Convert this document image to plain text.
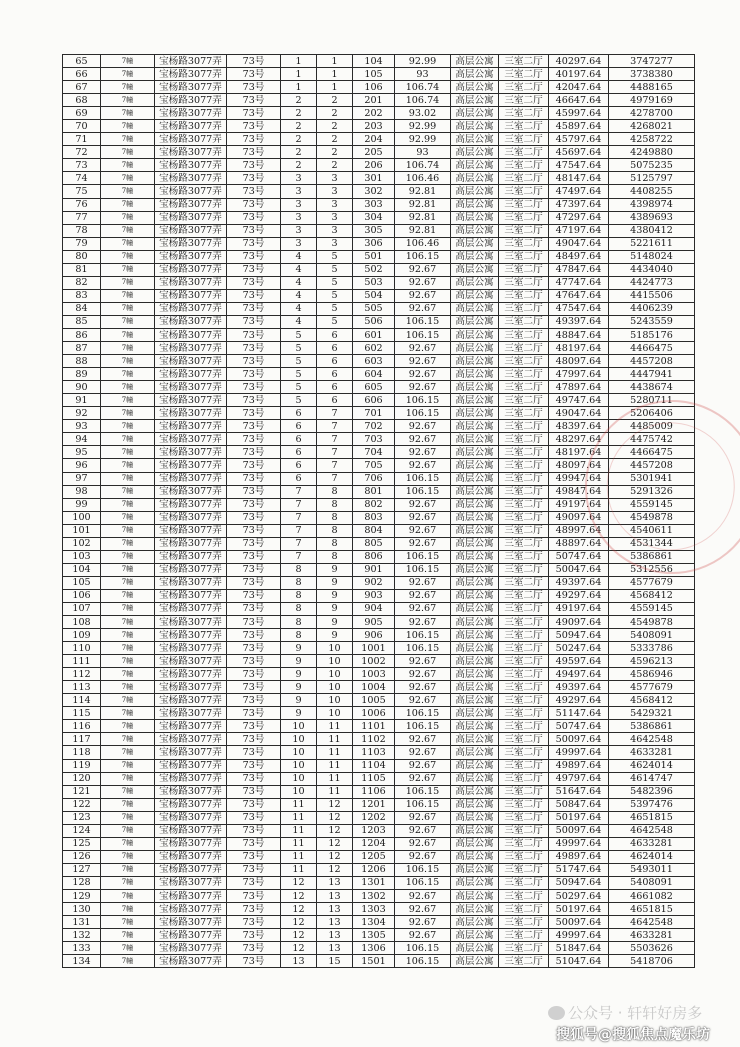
65	7幢	宝杨路3077弄	73号	1	1	104	92.99	高层公寓	三室二厅	40297.64	3747277
66	7幢	宝杨路3077弄	73号	1	1	105	93	高层公寓	三室二厅	40197.64	3738380
67	7幢	宝杨路3077弄	73号	1	1	106	106.74	高层公寓	三室二厅	42047.64	4488165
68	7幢	宝杨路3077弄	73号	2	2	201	106.74	高层公寓	三室二厅	46647.64	4979169
69	7幢	宝杨路3077弄	73号	2	2	202	93.02	高层公寓	三室二厅	45997.64	4278700
70	7幢	宝杨路3077弄	73号	2	2	203	92.99	高层公寓	三室二厅	45897.64	4268021
71	7幢	宝杨路3077弄	73号	2	2	204	92.99	高层公寓	三室二厅	45797.64	4258722
72	7幢	宝杨路3077弄	73号	2	2	205	93	高层公寓	三室二厅	45697.64	4249880
73	7幢	宝杨路3077弄	73号	2	2	206	106.74	高层公寓	三室二厅	47547.64	5075235
74	7幢	宝杨路3077弄	73号	3	3	301	106.46	高层公寓	三室二厅	48147.64	5125797
75	7幢	宝杨路3077弄	73号	3	3	302	92.81	高层公寓	三室二厅	47497.64	4408255
76	7幢	宝杨路3077弄	73号	3	3	303	92.81	高层公寓	三室二厅	47397.64	4398974
77	7幢	宝杨路3077弄	73号	3	3	304	92.81	高层公寓	三室二厅	47297.64	4389693
78	7幢	宝杨路3077弄	73号	3	3	305	92.81	高层公寓	三室二厅	47197.64	4380412
79	7幢	宝杨路3077弄	73号	3	3	306	106.46	高层公寓	三室二厅	49047.64	5221611
80	7幢	宝杨路3077弄	73号	4	5	501	106.15	高层公寓	三室二厅	48497.64	5148024
81	7幢	宝杨路3077弄	73号	4	5	502	92.67	高层公寓	三室二厅	47847.64	4434040
82	7幢	宝杨路3077弄	73号	4	5	503	92.67	高层公寓	三室二厅	47747.64	4424773
83	7幢	宝杨路3077弄	73号	4	5	504	92.67	高层公寓	三室二厅	47647.64	4415506
84	7幢	宝杨路3077弄	73号	4	5	505	92.67	高层公寓	三室二厅	47547.64	4406239
85	7幢	宝杨路3077弄	73号	4	5	506	106.15	高层公寓	三室二厅	49397.64	5243559
86	7幢	宝杨路3077弄	73号	5	6	601	106.15	高层公寓	三室二厅	48847.64	5185176
87	7幢	宝杨路3077弄	73号	5	6	602	92.67	高层公寓	三室二厅	48197.64	4466475
88	7幢	宝杨路3077弄	73号	5	6	603	92.67	高层公寓	三室二厅	48097.64	4457208
89	7幢	宝杨路3077弄	73号	5	6	604	92.67	高层公寓	三室二厅	47997.64	4447941
90	7幢	宝杨路3077弄	73号	5	6	605	92.67	高层公寓	三室二厅	47897.64	4438674
91	7幢	宝杨路3077弄	73号	5	6	606	106.15	高层公寓	三室二厅	49747.64	5280711
92	7幢	宝杨路3077弄	73号	6	7	701	106.15	高层公寓	三室二厅	49047.64	5206406
93	7幢	宝杨路3077弄	73号	6	7	702	92.67	高层公寓	三室二厅	48397.64	4485009
94	7幢	宝杨路3077弄	73号	6	7	703	92.67	高层公寓	三室二厅	48297.64	4475742
95	7幢	宝杨路3077弄	73号	6	7	704	92.67	高层公寓	三室二厅	48197.64	4466475
96	7幢	宝杨路3077弄	73号	6	7	705	92.67	高层公寓	三室二厅	48097.64	4457208
97	7幢	宝杨路3077弄	73号	6	7	706	106.15	高层公寓	三室二厅	49947.64	5301941
98	7幢	宝杨路3077弄	73号	7	8	801	106.15	高层公寓	三室二厅	49847.64	5291326
99	7幢	宝杨路3077弄	73号	7	8	802	92.67	高层公寓	三室二厅	49197.64	4559145
100	7幢	宝杨路3077弄	73号	7	8	803	92.67	高层公寓	三室二厅	49097.64	4549878
101	7幢	宝杨路3077弄	73号	7	8	804	92.67	高层公寓	三室二厅	48997.64	4540611
102	7幢	宝杨路3077弄	73号	7	8	805	92.67	高层公寓	三室二厅	48897.64	4531344
103	7幢	宝杨路3077弄	73号	7	8	806	106.15	高层公寓	三室二厅	50747.64	5386861
104	7幢	宝杨路3077弄	73号	8	9	901	106.15	高层公寓	三室二厅	50047.64	5312556
105	7幢	宝杨路3077弄	73号	8	9	902	92.67	高层公寓	三室二厅	49397.64	4577679
106	7幢	宝杨路3077弄	73号	8	9	903	92.67	高层公寓	三室二厅	49297.64	4568412
107	7幢	宝杨路3077弄	73号	8	9	904	92.67	高层公寓	三室二厅	49197.64	4559145
108	7幢	宝杨路3077弄	73号	8	9	905	92.67	高层公寓	三室二厅	49097.64	4549878
109	7幢	宝杨路3077弄	73号	8	9	906	106.15	高层公寓	三室二厅	50947.64	5408091
110	7幢	宝杨路3077弄	73号	9	10	1001	106.15	高层公寓	三室二厅	50247.64	5333786
111	7幢	宝杨路3077弄	73号	9	10	1002	92.67	高层公寓	三室二厅	49597.64	4596213
112	7幢	宝杨路3077弄	73号	9	10	1003	92.67	高层公寓	三室二厅	49497.64	4586946
113	7幢	宝杨路3077弄	73号	9	10	1004	92.67	高层公寓	三室二厅	49397.64	4577679
114	7幢	宝杨路3077弄	73号	9	10	1005	92.67	高层公寓	三室二厅	49297.64	4568412
115	7幢	宝杨路3077弄	73号	9	10	1006	106.15	高层公寓	三室二厅	51147.64	5429321
116	7幢	宝杨路3077弄	73号	10	11	1101	106.15	高层公寓	三室二厅	50747.64	5386861
117	7幢	宝杨路3077弄	73号	10	11	1102	92.67	高层公寓	三室二厅	50097.64	4642548
118	7幢	宝杨路3077弄	73号	10	11	1103	92.67	高层公寓	三室二厅	49997.64	4633281
119	7幢	宝杨路3077弄	73号	10	11	1104	92.67	高层公寓	三室二厅	49897.64	4624014
120	7幢	宝杨路3077弄	73号	10	11	1105	92.67	高层公寓	三室二厅	49797.64	4614747
121	7幢	宝杨路3077弄	73号	10	11	1106	106.15	高层公寓	三室二厅	51647.64	5482396
122	7幢	宝杨路3077弄	73号	11	12	1201	106.15	高层公寓	三室二厅	50847.64	5397476
123	7幢	宝杨路3077弄	73号	11	12	1202	92.67	高层公寓	三室二厅	50197.64	4651815
124	7幢	宝杨路3077弄	73号	11	12	1203	92.67	高层公寓	三室二厅	50097.64	4642548
125	7幢	宝杨路3077弄	73号	11	12	1204	92.67	高层公寓	三室二厅	49997.64	4633281
126	7幢	宝杨路3077弄	73号	11	12	1205	92.67	高层公寓	三室二厅	49897.64	4624014
127	7幢	宝杨路3077弄	73号	11	12	1206	106.15	高层公寓	三室二厅	51747.64	5493011
128	7幢	宝杨路3077弄	73号	12	13	1301	106.15	高层公寓	三室二厅	50947.64	5408091
129	7幢	宝杨路3077弄	73号	12	13	1302	92.67	高层公寓	三室二厅	50297.64	4661082
130	7幢	宝杨路3077弄	73号	12	13	1303	92.67	高层公寓	三室二厅	50197.64	4651815
131	7幢	宝杨路3077弄	73号	12	13	1304	92.67	高层公寓	三室二厅	50097.64	4642548
132	7幢	宝杨路3077弄	73号	12	13	1305	92.67	高层公寓	三室二厅	49997.64	4633281
133	7幢	宝杨路3077弄	73号	12	13	1306	106.15	高层公寓	三室二厅	51847.64	5503626
134	7幢	宝杨路3077弄	73号	13	15	1501	106.15	高层公寓	三室二厅	51047.64	5418706
公众号 · 轩轩好房多
搜狐号@搜狐焦点魔乐坊
